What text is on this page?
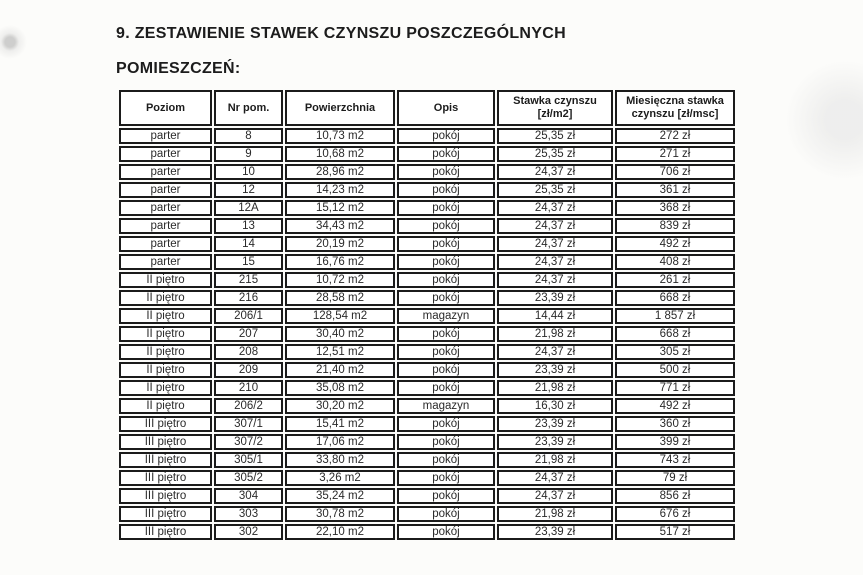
9. ZESTAWIENIE STAWEK CZYNSZU POSZCZEGÓLNYCH
POMIESZCZEŃ:
Poziom	Nr pom.	Powierzchnia	Opis	Stawka czynszu [zł/m2]	Miesięczna stawka czynszu [zł/msc]
parter	8	10,73 m2	pokój	25,35 zł	272 zł
parter	9	10,68 m2	pokój	25,35 zł	271 zł
parter	10	28,96 m2	pokój	24,37 zł	706 zł
parter	12	14,23 m2	pokój	25,35 zł	361 zł
parter	12A	15,12 m2	pokój	24,37 zł	368 zł
parter	13	34,43 m2	pokój	24,37 zł	839 zł
parter	14	20,19 m2	pokój	24,37 zł	492 zł
parter	15	16,76 m2	pokój	24,37 zł	408 zł
II piętro	215	10,72 m2	pokój	24,37 zł	261 zł
II piętro	216	28,58 m2	pokój	23,39 zł	668 zł
II piętro	206/1	128,54 m2	magazyn	14,44 zł	1 857 zł
II piętro	207	30,40 m2	pokój	21,98 zł	668 zł
II piętro	208	12,51 m2	pokój	24,37 zł	305 zł
II piętro	209	21,40 m2	pokój	23,39 zł	500 zł
II piętro	210	35,08 m2	pokój	21,98 zł	771 zł
II piętro	206/2	30,20 m2	magazyn	16,30 zł	492 zł
III piętro	307/1	15,41 m2	pokój	23,39 zł	360 zł
III piętro	307/2	17,06 m2	pokój	23,39 zł	399 zł
III piętro	305/1	33,80 m2	pokój	21,98 zł	743 zł
III piętro	305/2	3,26 m2	pokój	24,37 zł	79 zł
III piętro	304	35,24 m2	pokój	24,37 zł	856 zł
III piętro	303	30,78 m2	pokój	21,98 zł	676 zł
III piętro	302	22,10 m2	pokój	23,39 zł	517 zł
